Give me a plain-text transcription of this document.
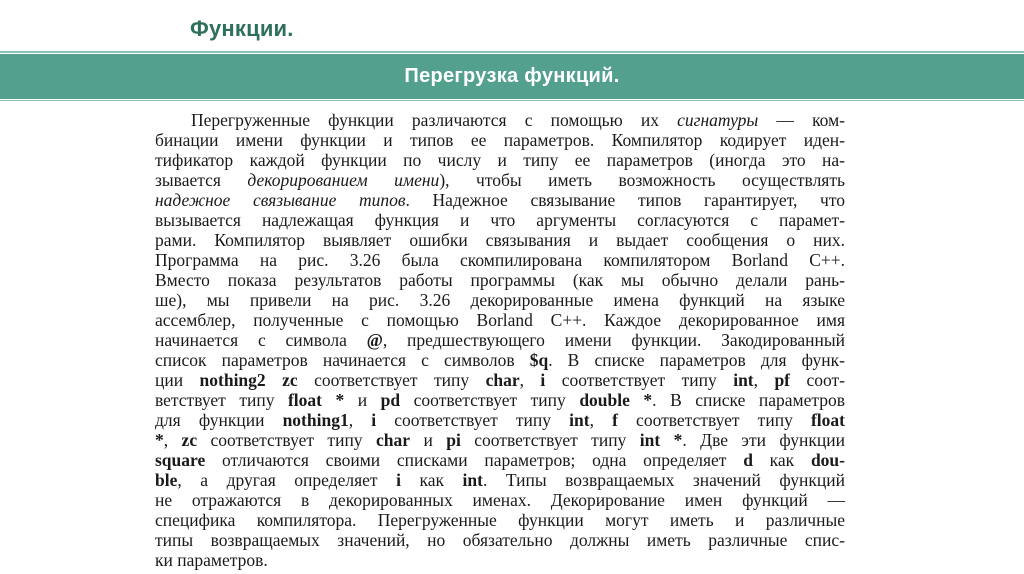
Функции.
Перегрузка функций.
Перегруженные функции различаются с помощью их сигнатуры — ком-
бинации имени функции и типов ее параметров. Компилятор кодирует иден-
тификатор каждой функции по числу и типу ее параметров (иногда это на-
зывается декорированием имени), чтобы иметь возможность осуществлять
надежное связывание типов. Надежное связывание типов гарантирует, что
вызывается надлежащая функция и что аргументы согласуются с парамет-
рами. Компилятор выявляет ошибки связывания и выдает сообщения о них.
Программа на рис. 3.26 была скомпилирована компилятором Borland C++.
Вместо показа результатов работы программы (как мы обычно делали рань-
ше), мы привели на рис. 3.26 декорированные имена функций на языке
ассемблер, полученные с помощью Borland C++. Каждое декорированное имя
начинается с символа @, предшествующего имени функции. Закодированный
список параметров начинается с символов $q. В списке параметров для функ-
ции nothing2 zc соответствует типу char, i соответствует типу int, pf соот-
ветствует типу float * и pd соответствует типу double *. В списке параметров
для функции nothing1, i соответствует типу int, f соответствует типу float
*, zc соответствует типу char и pi соответствует типу int *. Две эти функции
square отличаются своими списками параметров; одна определяет d как dou-
ble, а другая определяет i как int. Типы возвращаемых значений функций
не отражаются в декорированных именах. Декорирование имен функций —
специфика компилятора. Перегруженные функции могут иметь и различные
типы возвращаемых значений, но обязательно должны иметь различные спис-
ки параметров.
